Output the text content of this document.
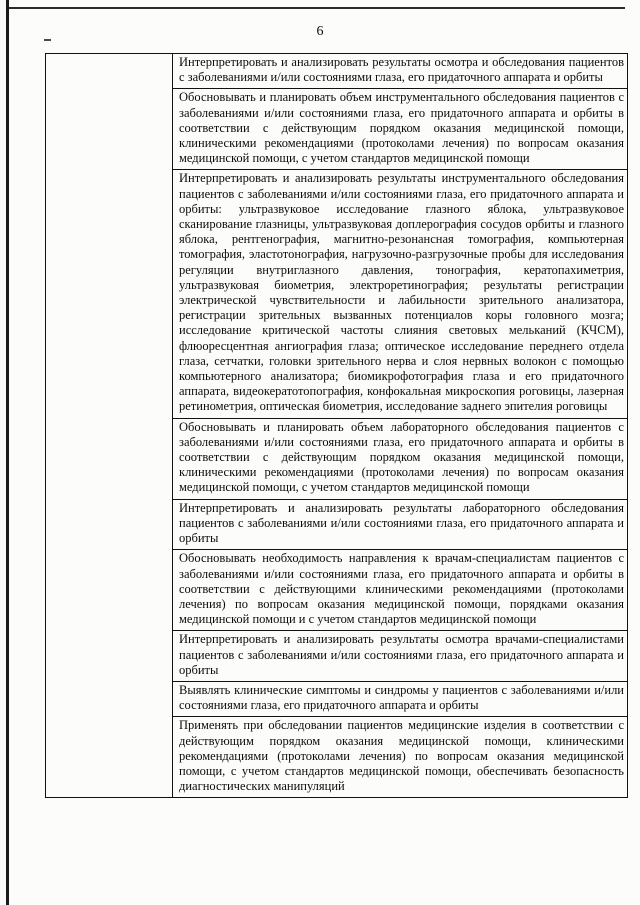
6
Интерпретировать и анализировать результаты осмотра и обследования пациентов с заболеваниями и/или состояниями глаза, его придаточного аппарата и орбиты
Обосновывать и планировать объем инструментального обследования пациентов с заболеваниями и/или состояниями глаза, его придаточного аппарата и орбиты в соответствии с действующим порядком оказания медицинской помощи, клиническими рекомендациями (протоколами лечения) по вопросам оказания медицинской помощи, с учетом стандартов медицинской помощи
Интерпретировать и анализировать результаты инструментального обследования пациентов с заболеваниями и/или состояниями глаза, его придаточного аппарата и орбиты: ультразвуковое исследование глазного яблока, ультразвуковое сканирование глазницы, ультразвуковая доплерография сосудов орбиты и глазного яблока, рентгенография, магнитно-резонансная томография, компьютерная томография, эластотонография, нагрузочно-разгрузочные пробы для исследования регуляции внутриглазного давления, тонография, кератопахиметрия, ультразвуковая биометрия, электроретинография; результаты регистрации электрической чувствительности и лабильности зрительного анализатора, регистрации зрительных вызванных потенциалов коры головного мозга; исследование критической частоты слияния световых мельканий (КЧСМ), флюоресцентная ангиография глаза; оптическое исследование переднего отдела глаза, сетчатки, головки зрительного нерва и слоя нервных волокон с помощью компьютерного анализатора; биомикрофотография глаза и его придаточного аппарата, видеокератотопография, конфокальная микроскопия роговицы, лазерная ретинометрия, оптическая биометрия, исследование заднего эпителия роговицы
Обосновывать и планировать объем лабораторного обследования пациентов с заболеваниями и/или состояниями глаза, его придаточного аппарата и орбиты в соответствии с действующим порядком оказания медицинской помощи, клиническими рекомендациями (протоколами лечения) по вопросам оказания медицинской помощи, с учетом стандартов медицинской помощи
Интерпретировать и анализировать результаты лабораторного обследования пациентов с заболеваниями и/или состояниями глаза, его придаточного аппарата и орбиты
Обосновывать необходимость направления к врачам-специалистам пациентов с заболеваниями и/или состояниями глаза, его придаточного аппарата и орбиты в соответствии с действующими клиническими рекомендациями (протоколами лечения) по вопросам оказания медицинской помощи, порядками оказания медицинской помощи и с учетом стандартов медицинской помощи
Интерпретировать и анализировать результаты осмотра врачами-специалистами пациентов с заболеваниями и/или состояниями глаза, его придаточного аппарата и орбиты
Выявлять клинические симптомы и синдромы у пациентов с заболеваниями и/или состояниями глаза, его придаточного аппарата и орбиты
Применять при обследовании пациентов медицинские изделия в соответствии с действующим порядком оказания медицинской помощи, клиническими рекомендациями (протоколами лечения) по вопросам оказания медицинской помощи, с учетом стандартов медицинской помощи, обеспечивать безопасность диагностических манипуляций
